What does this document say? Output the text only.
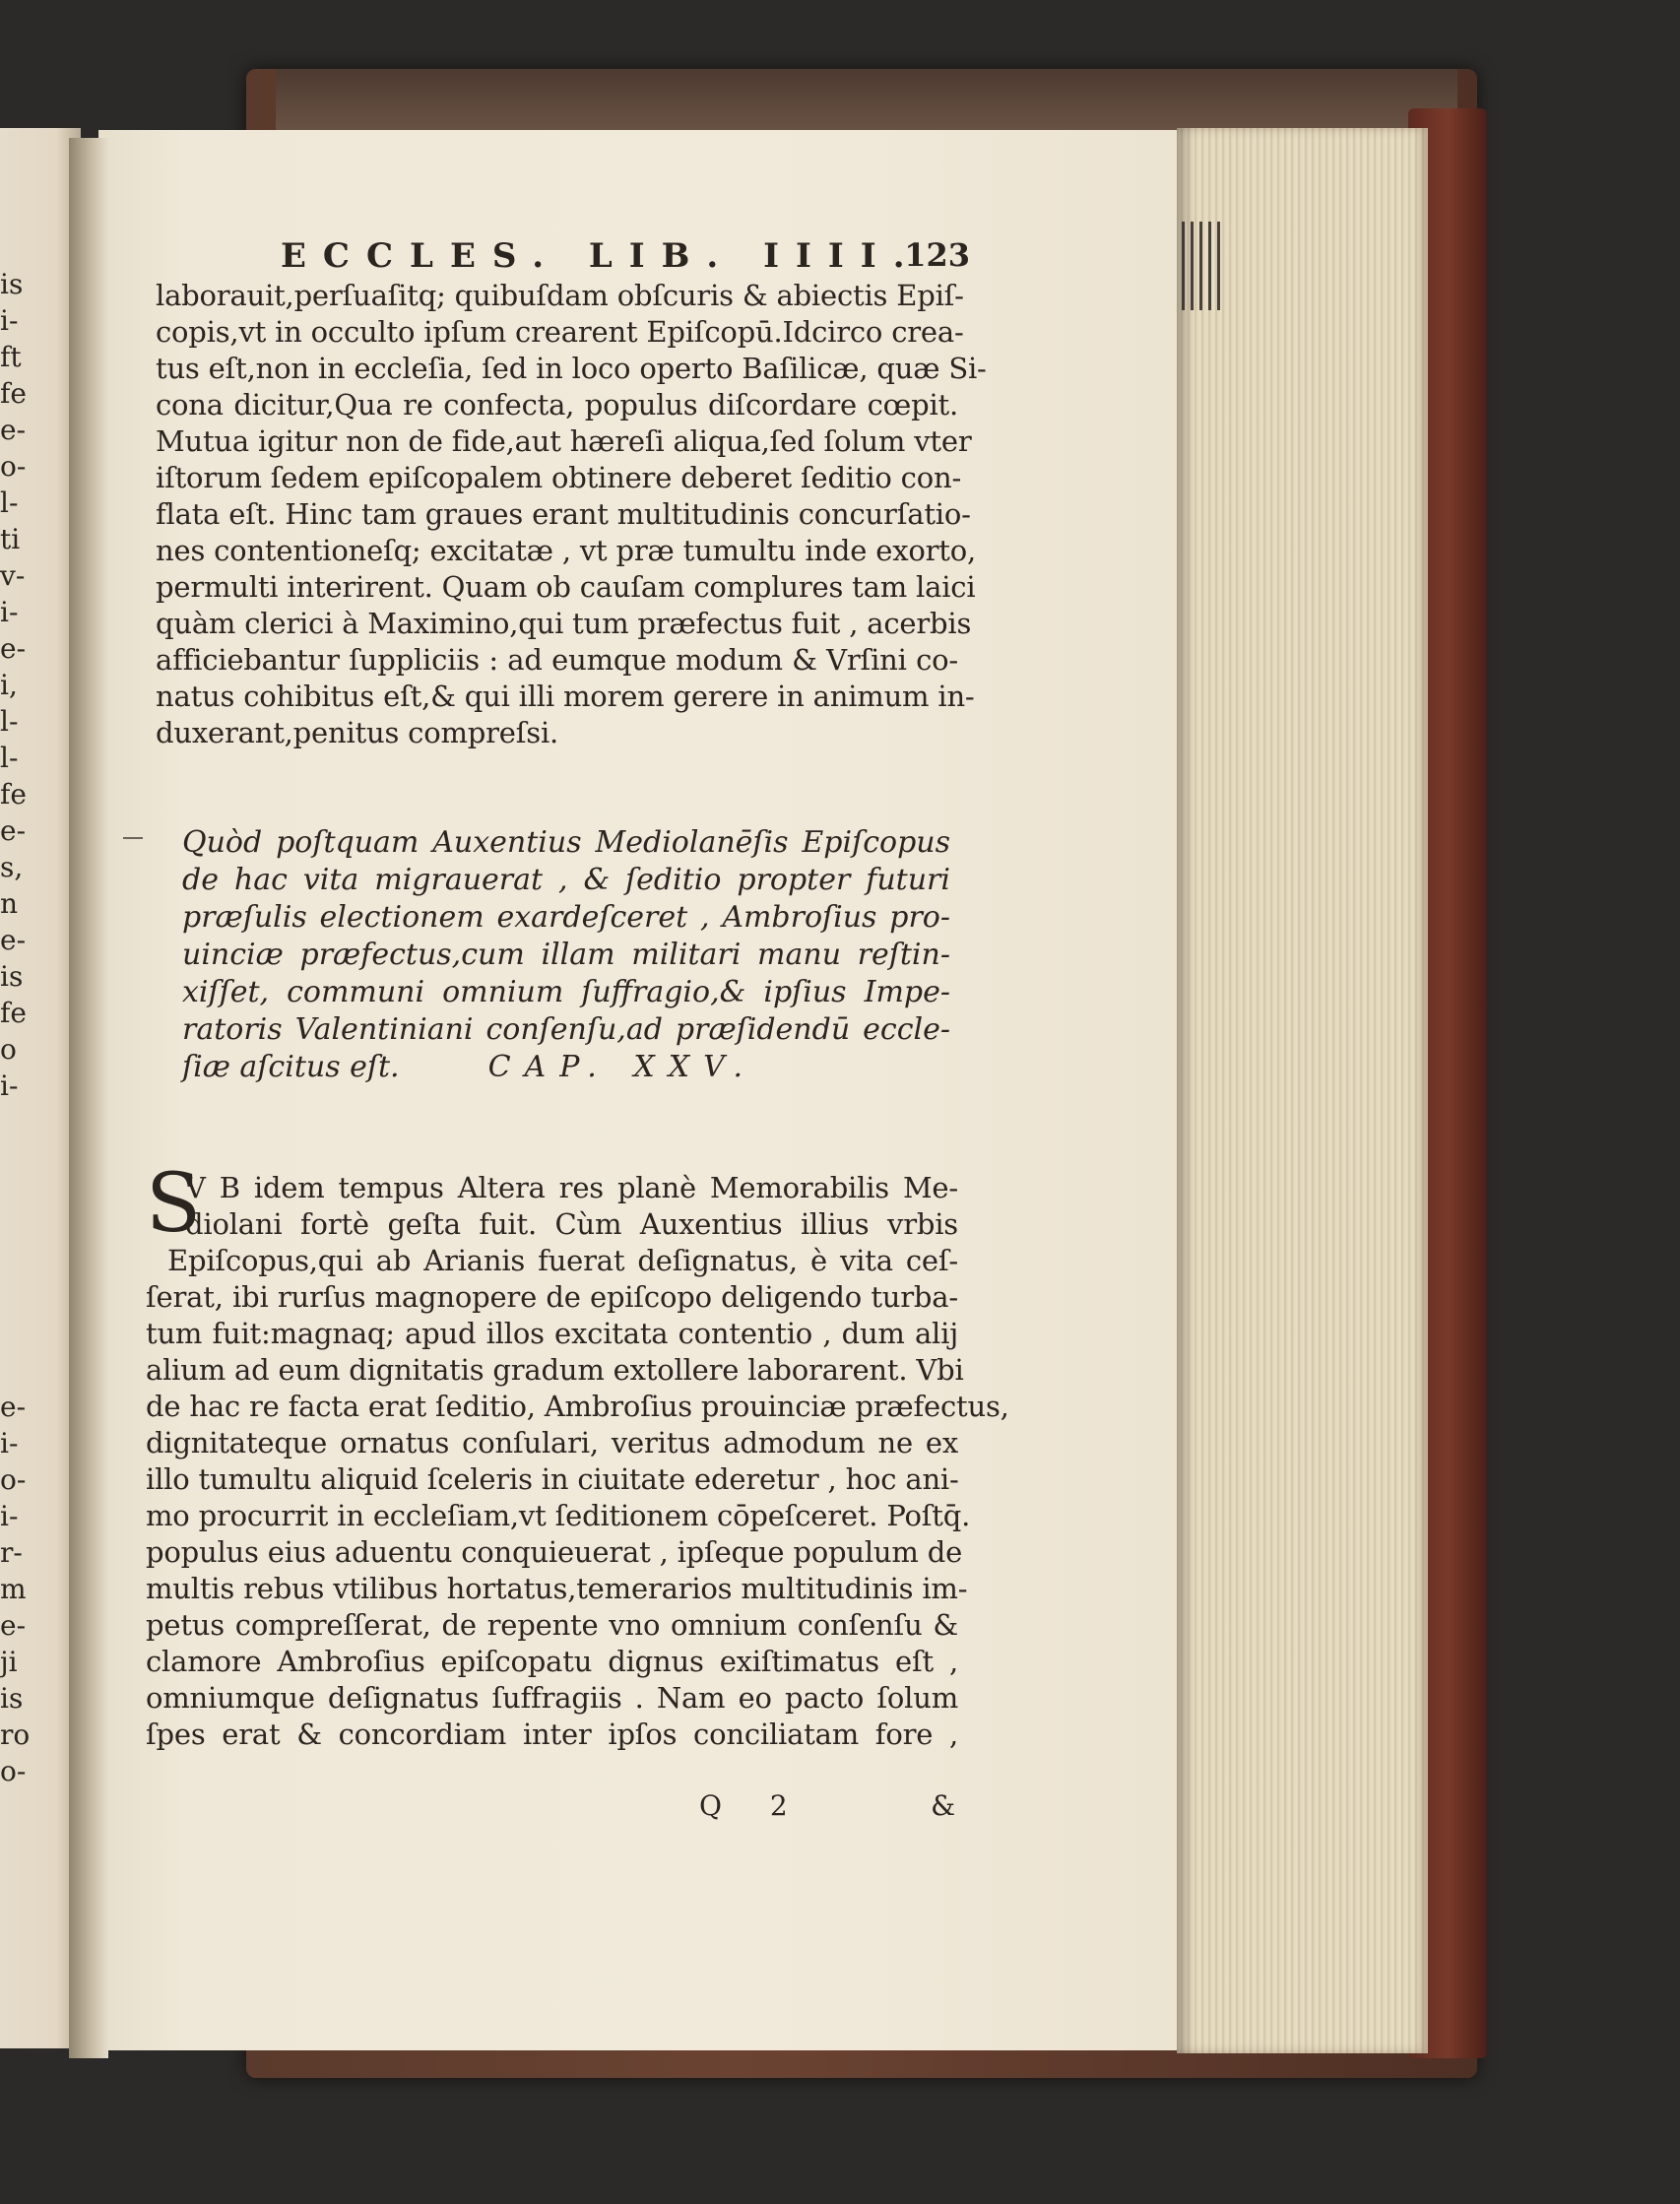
is
i-
ft
fe
e-
o-
l-
ti
v-
i-
e-
i,
l-
l-
fe
e-
s,
n
e-
is
fe
o
i-
e-
i-
o-
i-
r-
m
e-
ji
is
ro
o-
ECCLES. LIB. IIII.
123
laborauit,perſuaſitq; quibuſdam obſcuris & abiectis Epiſ-
copis,vt in occulto ipſum crearent Epiſcopū.Idcirco crea-
tus eſt,non in eccleſia, ſed in loco operto Baſilicæ, quæ Si-
cona dicitur,Qua re confecta, populus diſcordare cœpit.
Mutua igitur non de fide,aut hæreſi aliqua,ſed ſolum vter
iſtorum ſedem epiſcopalem obtinere deberet ſeditio con-
flata eſt. Hinc tam graues erant multitudinis concurſatio-
nes contentioneſq; excitatæ , vt præ tumultu inde exorto,
permulti interirent. Quam ob cauſam complures tam laici
quàm clerici à Maximino,qui tum præfectus fuit , acerbis
afficiebantur ſuppliciis : ad eumque modum & Vrſini co-
natus cohibitus eſt,& qui illi morem gerere in animum in-
duxerant,penitus compreſsi.
Quòd poſtquam Auxentius Mediolanēſis Epiſcopus
de hac vita migrauerat , & ſeditio propter futuri
præſulis electionem exardeſceret , Ambroſius pro-
uinciæ præfectus,cum illam militari manu reſtin-
xiſſet, communi omnium ſuffragio,& ipſius Impe-
ratoris Valentiniani conſenſu,ad præſidendū eccle-
ſiæ aſcitus eſt.	CAP. XXV.
S
V B idem tempus Altera res planè Memorabilis Me-
diolani fortè geſta fuit. Cùm Auxentius illius vrbis
Epiſcopus,qui ab Arianis fuerat deſignatus, è vita ceſ-
ſerat, ibi rurſus magnopere de epiſcopo deligendo turba-
tum fuit:magnaq; apud illos excitata contentio , dum alij
alium ad eum dignitatis gradum extollere laborarent. Vbi
de hac re facta erat ſeditio, Ambroſius prouinciæ præfectus,
dignitateque ornatus conſulari, veritus admodum ne ex
illo tumultu aliquid ſceleris in ciuitate ederetur , hoc ani-
mo procurrit in eccleſiam,vt ſeditionem cōpeſceret. Poſtq̄.
populus eius aduentu conquieuerat , ipſeque populum de
multis rebus vtilibus hortatus,temerarios multitudinis im-
petus compreſſerat, de repente vno omnium conſenſu &
clamore Ambroſius epiſcopatu dignus exiſtimatus eſt ,
omniumque deſignatus ſuffragiis . Nam eo pacto ſolum
ſpes erat & concordiam inter ipſos conciliatam fore ,
Q 2	&
